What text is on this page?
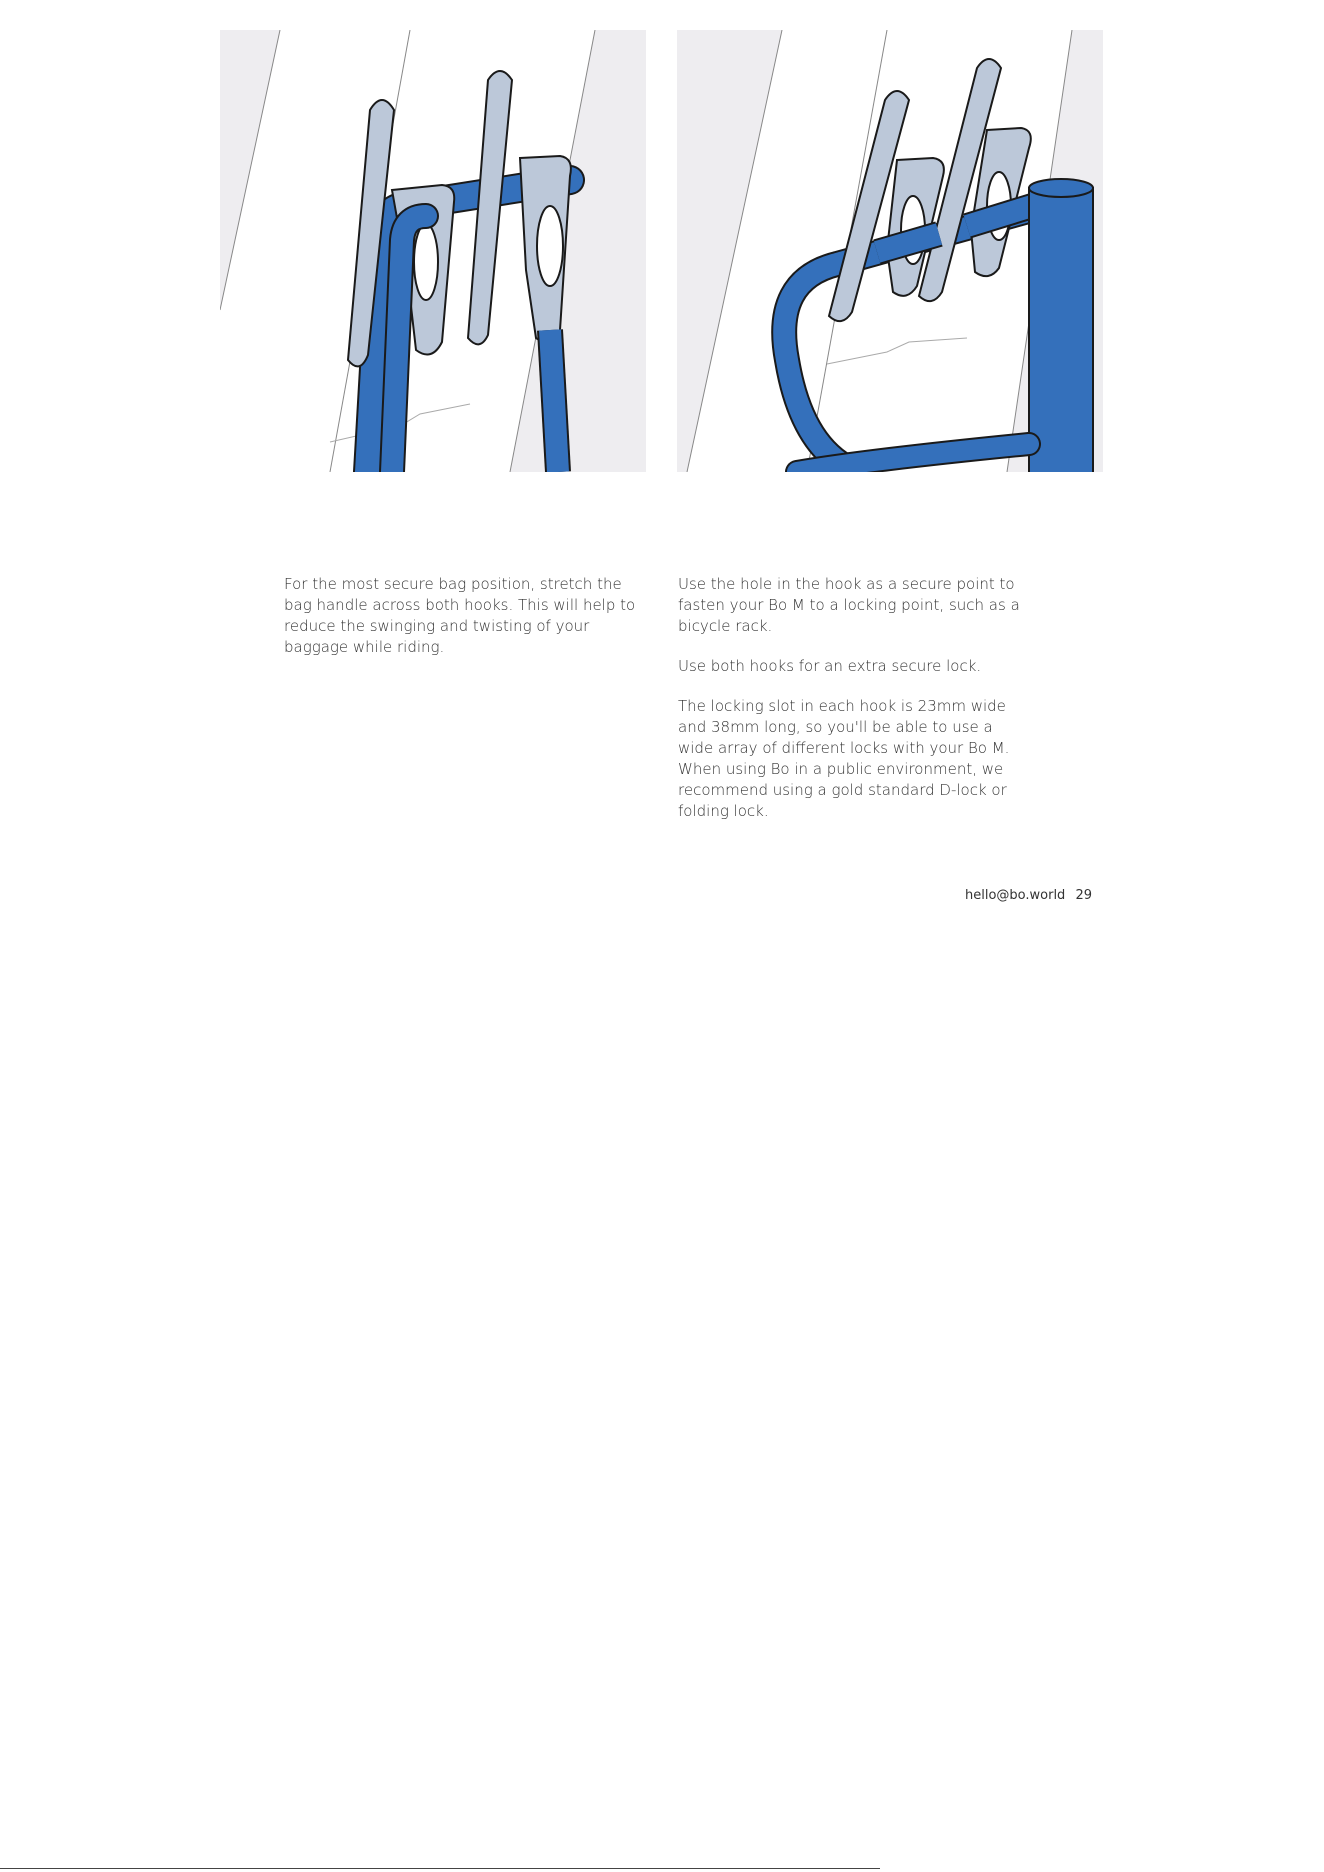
For the most secure bag position, stretch the bag handle across both hooks. This will help to reduce the swinging and twisting of your baggage while riding.

Use the hole in the hook as a secure point to fasten your Bo M to a locking point, such as a bicycle rack.

Use both hooks for an extra secure lock.

The locking slot in each hook is 23mm wide and 38mm long, so you'll be able to use a wide array of different locks with your Bo M. When using Bo in a public environment, we recommend using a gold standard D-lock or folding lock.

hello@bo.world 29
